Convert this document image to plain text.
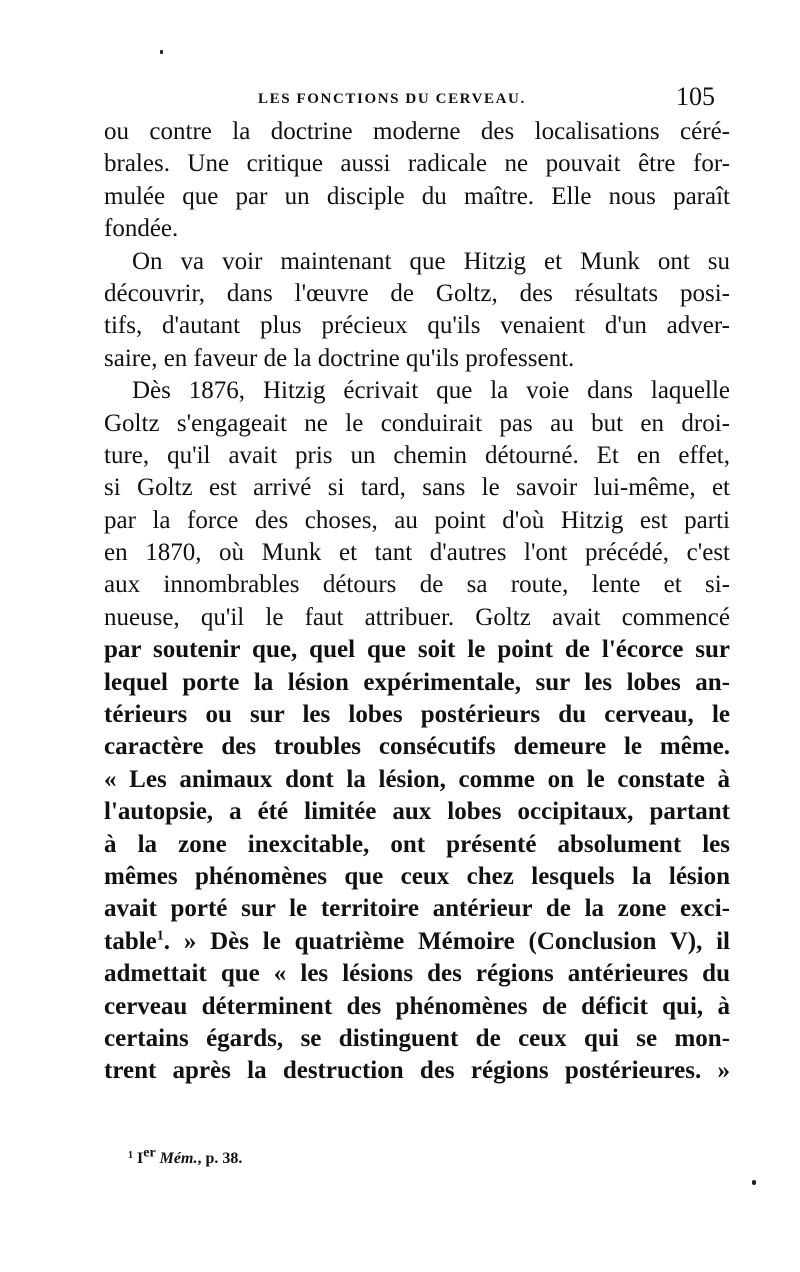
LES FONCTIONS DU CERVEAU.	105
ou contre la doctrine moderne des localisations céré-
brales. Une critique aussi radicale ne pouvait être for-
mulée que par un disciple du maître. Elle nous paraît
fondée.
On va voir maintenant que Hitzig et Munk ont su
découvrir, dans l'œuvre de Goltz, des résultats posi-
tifs, d'autant plus précieux qu'ils venaient d'un adver-
saire, en faveur de la doctrine qu'ils professent.
Dès 1876, Hitzig écrivait que la voie dans laquelle
Goltz s'engageait ne le conduirait pas au but en droi-
ture, qu'il avait pris un chemin détourné. Et en effet,
si Goltz est arrivé si tard, sans le savoir lui-même, et
par la force des choses, au point d'où Hitzig est parti
en 1870, où Munk et tant d'autres l'ont précédé, c'est
aux innombrables détours de sa route, lente et si-
nueuse, qu'il le faut attribuer. Goltz avait commencé
par soutenir que, quel que soit le point de l'écorce sur
lequel porte la lésion expérimentale, sur les lobes an-
térieurs ou sur les lobes postérieurs du cerveau, le
caractère des troubles consécutifs demeure le même.
« Les animaux dont la lésion, comme on le constate à
l'autopsie, a été limitée aux lobes occipitaux, partant
à la zone inexcitable, ont présenté absolument les
mêmes phénomènes que ceux chez lesquels la lésion
avait porté sur le territoire antérieur de la zone exci-
table$^1$. » Dès le quatrième Mémoire (Conclusion V), il
admettait que « les lésions des régions antérieures du
cerveau déterminent des phénomènes de déficit qui, à
certains égards, se distinguent de ceux qui se mon-
trent après la destruction des régions postérieures. »
$^1$ Ier Mém., p. 38.
